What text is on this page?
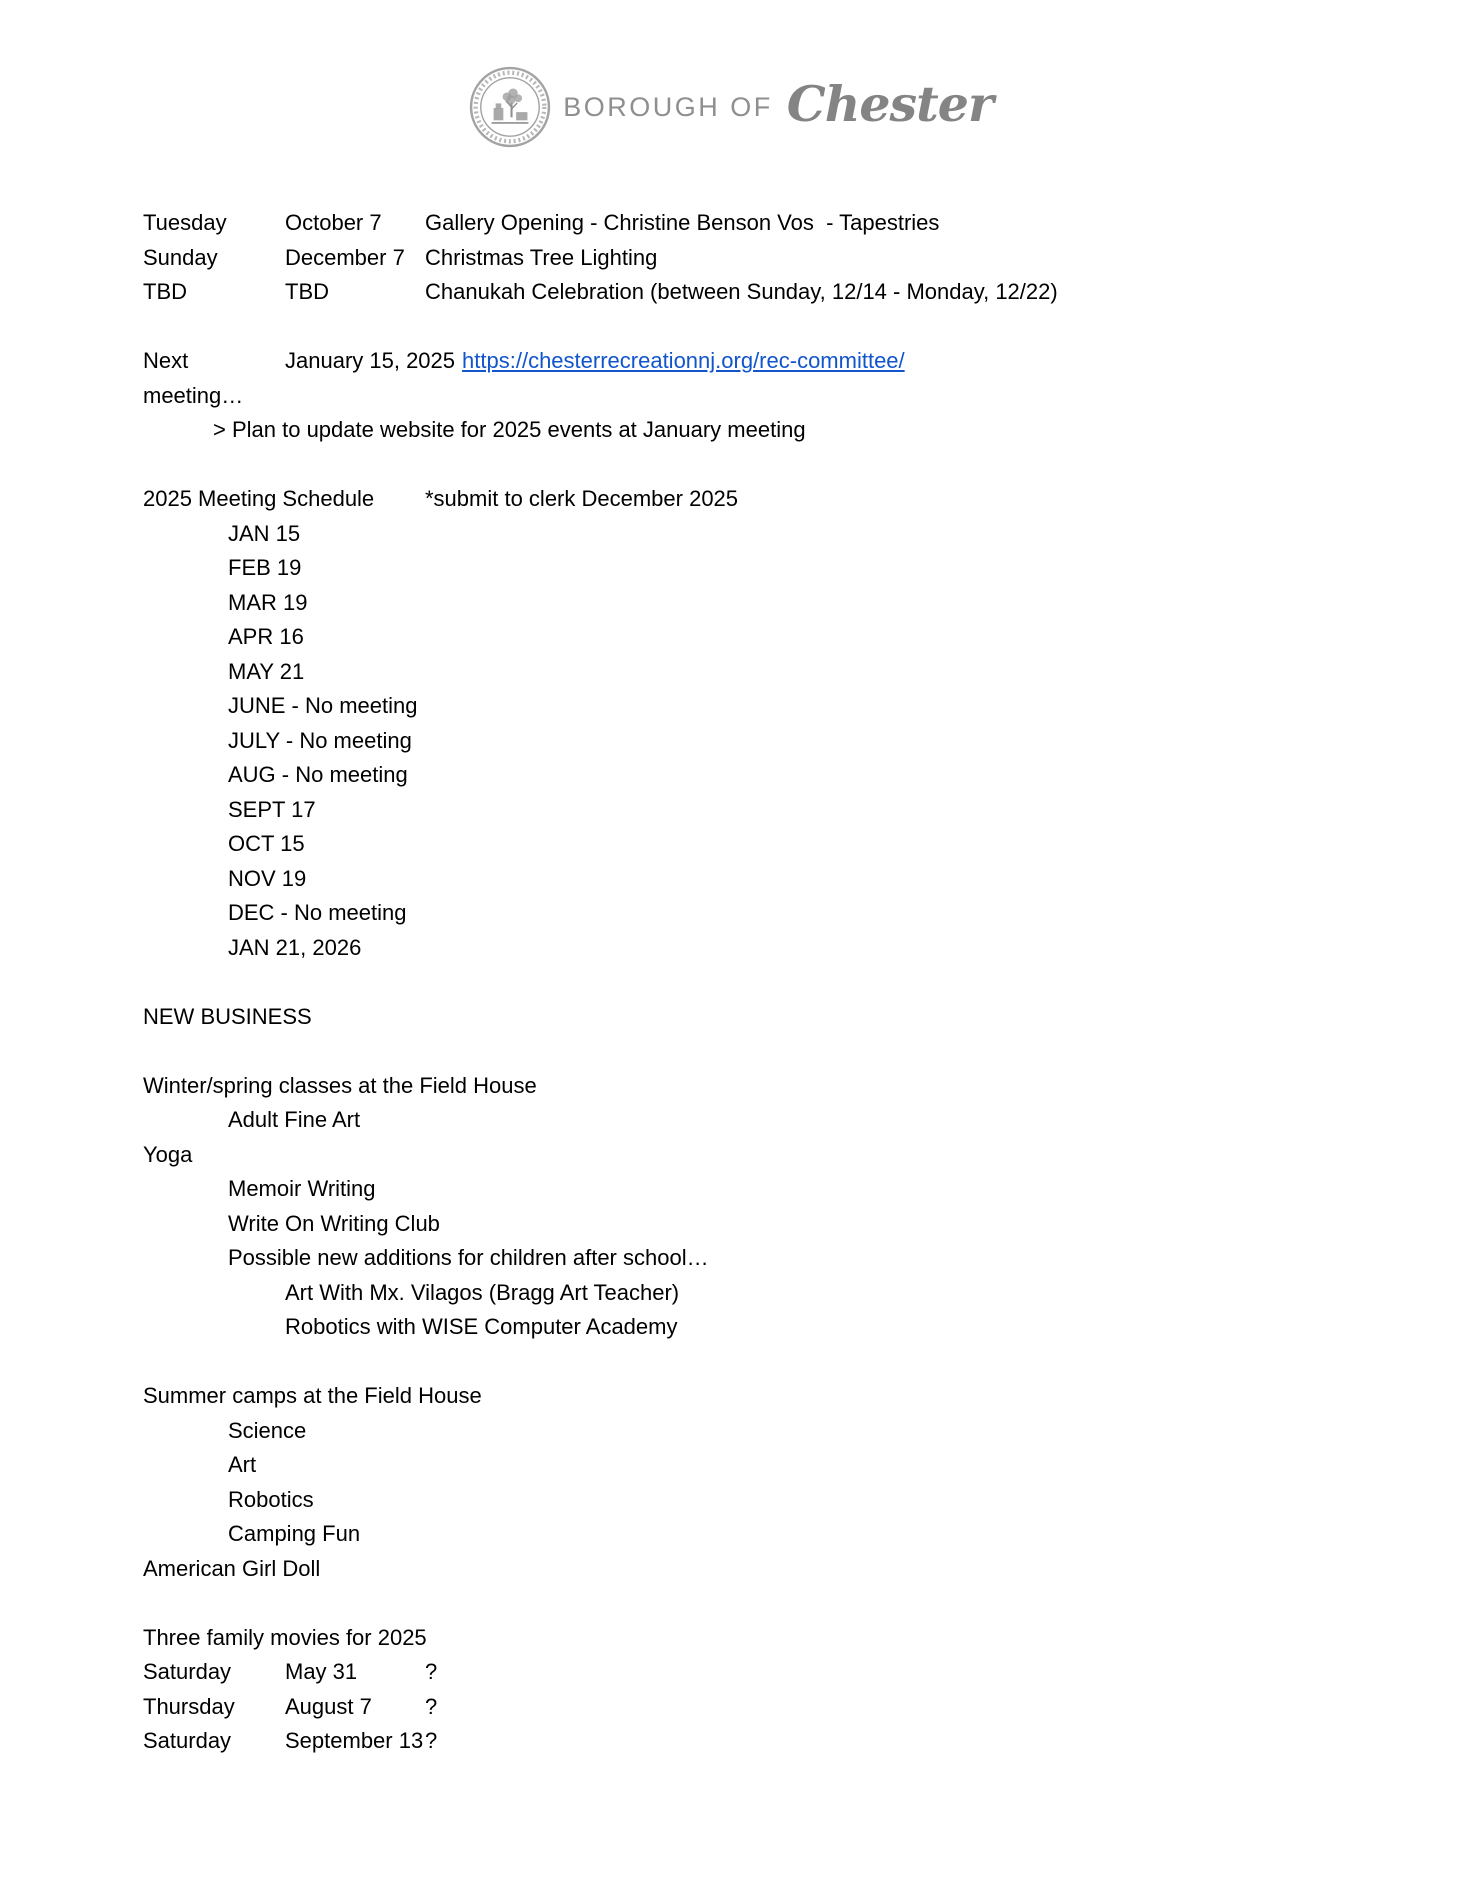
BOROUGH OF Chester
Tuesday	October 7	Gallery Opening - Christine Benson Vos  - Tapestries
Sunday	December 7 Christmas Tree Lighting
TBD	TBD	Chanukah Celebration (between Sunday, 12/14 - Monday, 12/22)
Next meeting…
January 15, 2025 https://chesterrecreationnj.org/rec-committee/
> Plan to update website for 2025 events at January meeting
2025 Meeting Schedule	*submit to clerk December 2025
JAN 15
FEB 19
MAR 19
APR 16
MAY 21
JUNE - No meeting
JULY - No meeting
AUG - No meeting
SEPT 17
OCT 15
NOV 19
DEC - No meeting
JAN 21, 2026
NEW BUSINESS
Winter/spring classes at the Field House
Adult Fine Art
Yoga
Memoir Writing
Write On Writing Club
Possible new additions for children after school…
Art With Mx. Vilagos (Bragg Art Teacher)
Robotics with WISE Computer Academy
Summer camps at the Field House
Science
Art
Robotics
Camping Fun
American Girl Doll
Three family movies for 2025
Saturday	May 31	?
Thursday	August 7	?
Saturday	September 13 ?
